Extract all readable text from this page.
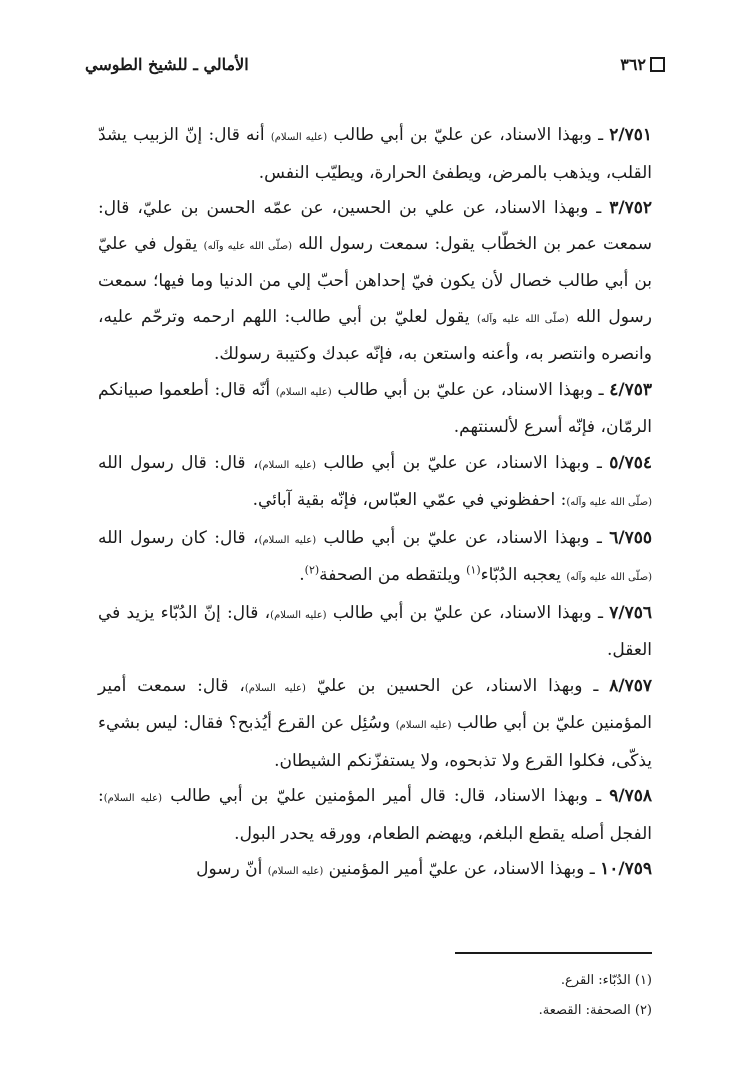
٣٦٢
الأمالي ـ للشيخ الطوسي

٢/٧٥١ ـ وبهذا الاسناد، عن عليّ بن أبي طالب (عليه السلام) أنه قال: إنّ الزبيب يشدّ القلب، ويذهب بالمرض، ويطفئ الحرارة، ويطيّب النفس.

٣/٧٥٢ ـ وبهذا الاسناد، عن علي بن الحسين، عن عمّه الحسن بن عليّ، قال: سمعت عمر بن الخطّاب يقول: سمعت رسول الله (صلّى الله عليه وآله) يقول في عليّ بن أبي طالب خصال لأن يكون فيّ إحداهن أحبّ إلي من الدنيا وما فيها؛ سمعت رسول الله (صلّى الله عليه وآله) يقول لعليّ بن أبي طالب: اللهم ارحمه وترحّم عليه، وانصره وانتصر به، وأعنه واستعن به، فإنّه عبدك وكتيبة رسولك.

٤/٧٥٣ ـ وبهذا الاسناد، عن عليّ بن أبي طالب (عليه السلام) أنّه قال: أطعموا صبيانكم الرمّان، فإنّه أسرع لألسنتهم.

٥/٧٥٤ ـ وبهذا الاسناد، عن عليّ بن أبي طالب (عليه السلام)، قال: قال رسول الله (صلّى الله عليه وآله): احفظوني في عمّي العبّاس، فإنّه بقية آبائي.

٦/٧٥٥ ـ وبهذا الاسناد، عن عليّ بن أبي طالب (عليه السلام)، قال: كان رسول الله (صلّى الله عليه وآله) يعجبه الدُبّاء$^{(١)}$ ويلتقطه من الصحفة$^{(٢)}$.

٧/٧٥٦ ـ وبهذا الاسناد، عن عليّ بن أبي طالب (عليه السلام)، قال: إنّ الدُبّاء يزيد في العقل.

٨/٧٥٧ ـ وبهذا الاسناد، عن الحسين بن عليّ (عليه السلام)، قال: سمعت أمير المؤمنين عليّ بن أبي طالب (عليه السلام) وسُئِل عن القرع أيُذبح؟ فقال: ليس بشيء يذكّى، فكلوا القرع ولا تذبحوه، ولا يستفزّنكم الشيطان.

٩/٧٥٨ ـ وبهذا الاسناد، قال: قال أمير المؤمنين عليّ بن أبي طالب (عليه السلام): الفجل أصله يقطع البلغم، ويهضم الطعام، وورقه يحدر البول.

١٠/٧٥٩ ـ وبهذا الاسناد، عن عليّ أمير المؤمنين (عليه السلام) أنّ رسول

(١) الدُبّاء: القرع.

(٢) الصحفة: القصعة.
